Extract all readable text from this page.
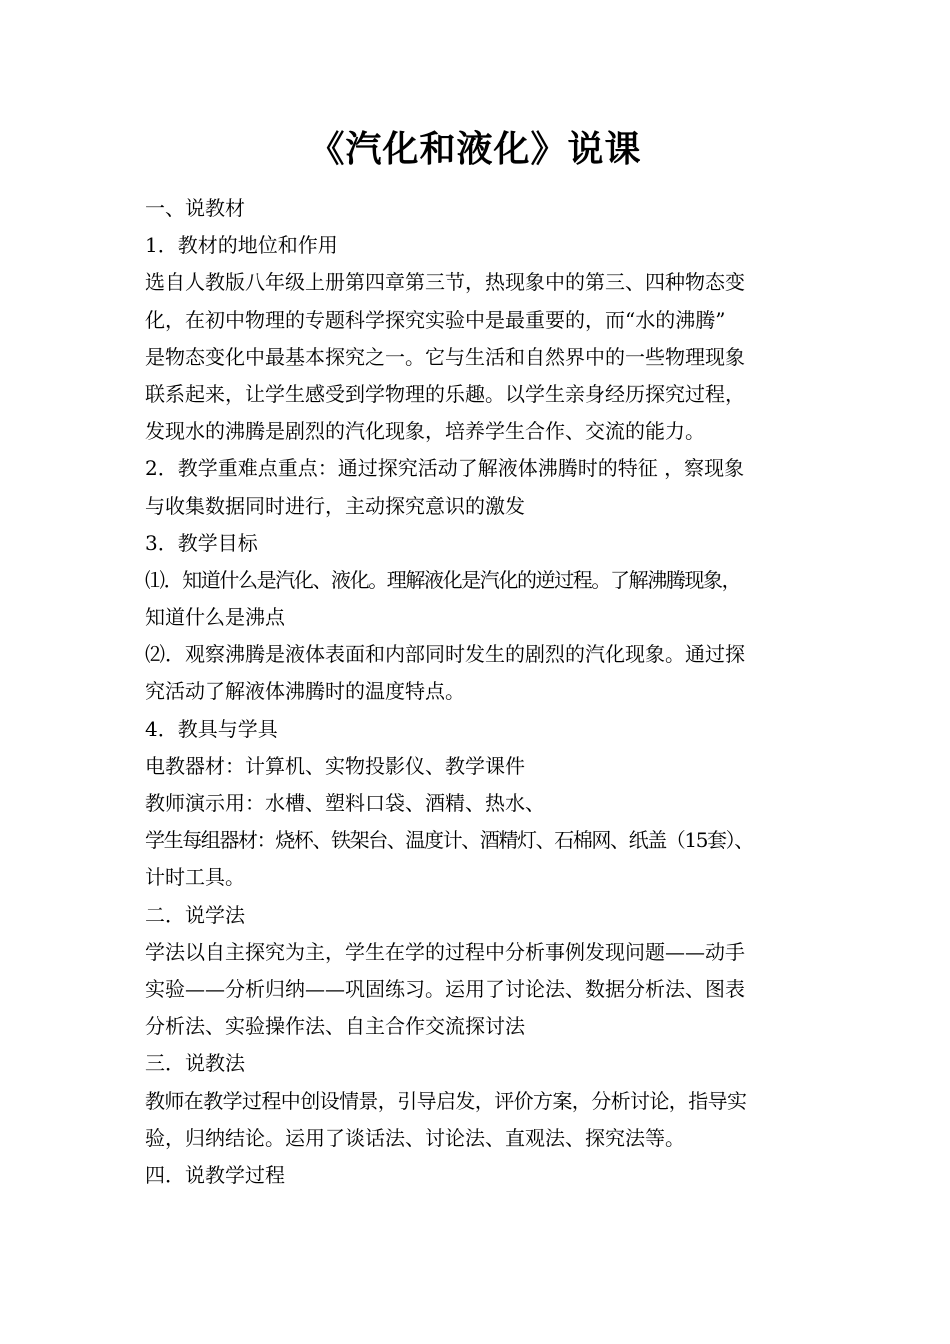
《汽化和液化》说课
一、说教材
1．教材的地位和作用
选自人教版八年级上册第四章第三节，热现象中的第三、四种物态变
化，在初中物理的专题科学探究实验中是最重要的，而“水的沸腾”
是物态变化中最基本探究之一。它与生活和自然界中的一些物理现象
联系起来，让学生感受到学物理的乐趣。以学生亲身经历探究过程，
发现水的沸腾是剧烈的汽化现象，培养学生合作、交流的能力。
2．教学重难点重点：通过探究活动了解液体沸腾时的特征 ，察现象
与收集数据同时进行，主动探究意识的激发
3．教学目标
⑴．知道什么是汽化、液化。理解液化是汽化的逆过程。了解沸腾现象，
知道什么是沸点
⑵．观察沸腾是液体表面和内部同时发生的剧烈的汽化现象。通过探
究活动了解液体沸腾时的温度特点。
4．教具与学具
电教器材：计算机、实物投影仪、教学课件
教师演示用：水槽、塑料口袋、酒精、热水、
学生每组器材：烧杯、铁架台、温度计、酒精灯、石棉网、纸盖（15套）、
计时工具。
二．说学法
学法以自主探究为主，学生在学的过程中分析事例发现问题——动手
实验——分析归纳——巩固练习。运用了讨论法、数据分析法、图表
分析法、实验操作法、自主合作交流探讨法
三．说教法
教师在教学过程中创设情景，引导启发，评价方案，分析讨论，指导实
验，归纳结论。运用了谈话法、讨论法、直观法、探究法等。
四．说教学过程
